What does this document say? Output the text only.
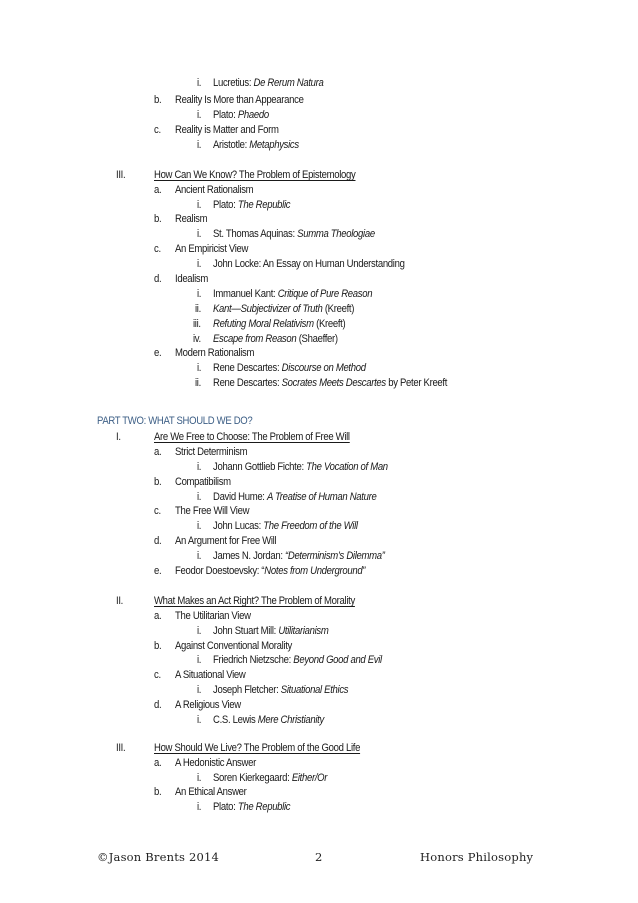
i. Lucretius: De Rerum Natura
b. Reality Is More than Appearance
i. Plato: Phaedo
c. Reality is Matter and Form
i. Aristotle: Metaphysics
III.	How Can We Know? The Problem of Epistemology
a. Ancient Rationalism
i. Plato: The Republic
b. Realism
i. St. Thomas Aquinas: Summa Theologiae
c. An Empiricist View
i. John Locke: An Essay on Human Understanding
d. Idealism
i. Immanuel Kant: Critique of Pure Reason
ii. Kant—Subjectivizer of Truth (Kreeft)
iii. Refuting Moral Relativism (Kreeft)
iv. Escape from Reason (Shaeffer)
e. Modern Rationalism
i. Rene Descartes: Discourse on Method
ii. Rene Descartes: Socrates Meets Descartes by Peter Kreeft
PART TWO: WHAT SHOULD WE DO?
I.	Are We Free to Choose: The Problem of Free Will
a. Strict Determinism
i. Johann Gottlieb Fichte: The Vocation of Man
b. Compatibilism
i. David Hume: A Treatise of Human Nature
c. The Free Will View
i. John Lucas: The Freedom of the Will
d. An Argument for Free Will
i. James N. Jordan: “Determinism’s Dilemma”
e. Feodor Doestoevsky: “Notes from Underground”
II.	What Makes an Act Right? The Problem of Morality
a. The Utilitarian View
i. John Stuart Mill: Utilitarianism
b. Against Conventional Morality
i. Friedrich Nietzsche: Beyond Good and Evil
c. A Situational View
i. Joseph Fletcher: Situational Ethics
d. A Religious View
i. C.S. Lewis Mere Christianity
III.	How Should We Live? The Problem of the Good Life
a. A Hedonistic Answer
i. Soren Kierkegaard: Either/Or
b. An Ethical Answer
i. Plato: The Republic
©Jason Brents 2014	2	Honors Philosophy
